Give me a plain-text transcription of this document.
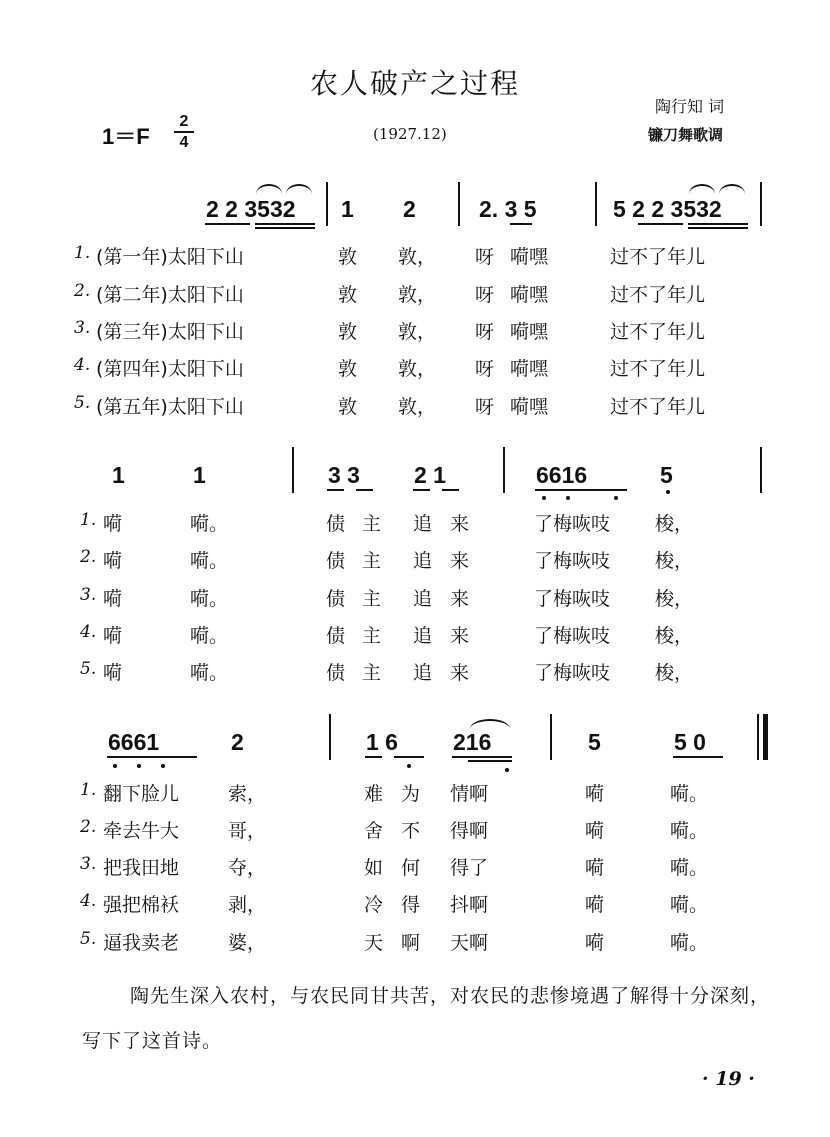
农人破产之过程
陶行知 词
1＝F
2
4	(1927.12)	镰刀舞歌调
2 2 3532 1 2	2. 3 5	5 2 2 3532
1. (第一年)太阳下山	敦 敦， 呀 嗬嘿	过不了年儿
2. (第二年)太阳下山	敦 敦， 呀 嗬嘿	过不了年儿
3. (第三年)太阳下山	敦 敦， 呀 嗬嘿	过不了年儿
4. (第四年)太阳下山	敦 敦， 呀 嗬嘿	过不了年儿
5. (第五年)太阳下山	敦 敦， 呀 嗬嘿	过不了年儿
1	1	3 3 2 1	6616	5
1. 嗬	嗬。	债 主 追 来	了梅咴吱 梭，
2. 嗬	嗬。	债 主 追 来	了梅咴吱 梭，
3. 嗬	嗬。	债 主 追 来	了梅咴吱 梭，
4. 嗬	嗬。	债 主 追 来	了梅咴吱 梭，
5. 嗬	嗬。	债 主 追 来	了梅咴吱 梭，
6661	2	1 6 216	5	5 0
1. 翻下脸儿	索，	难 为 情啊	嗬	嗬。
2. 牵去牛大	哥，	舍 不 得啊	嗬	嗬。
3. 把我田地	夺，	如 何 得了	嗬	嗬。
4. 强把棉袄	剥，	冷 得 抖啊	嗬	嗬。
5. 逼我卖老	婆，	天 啊 天啊	嗬	嗬。
陶先生深入农村，与农民同甘共苦，对农民的悲惨境遇了解得十分深刻，写下了这首诗。
· 19 ·
